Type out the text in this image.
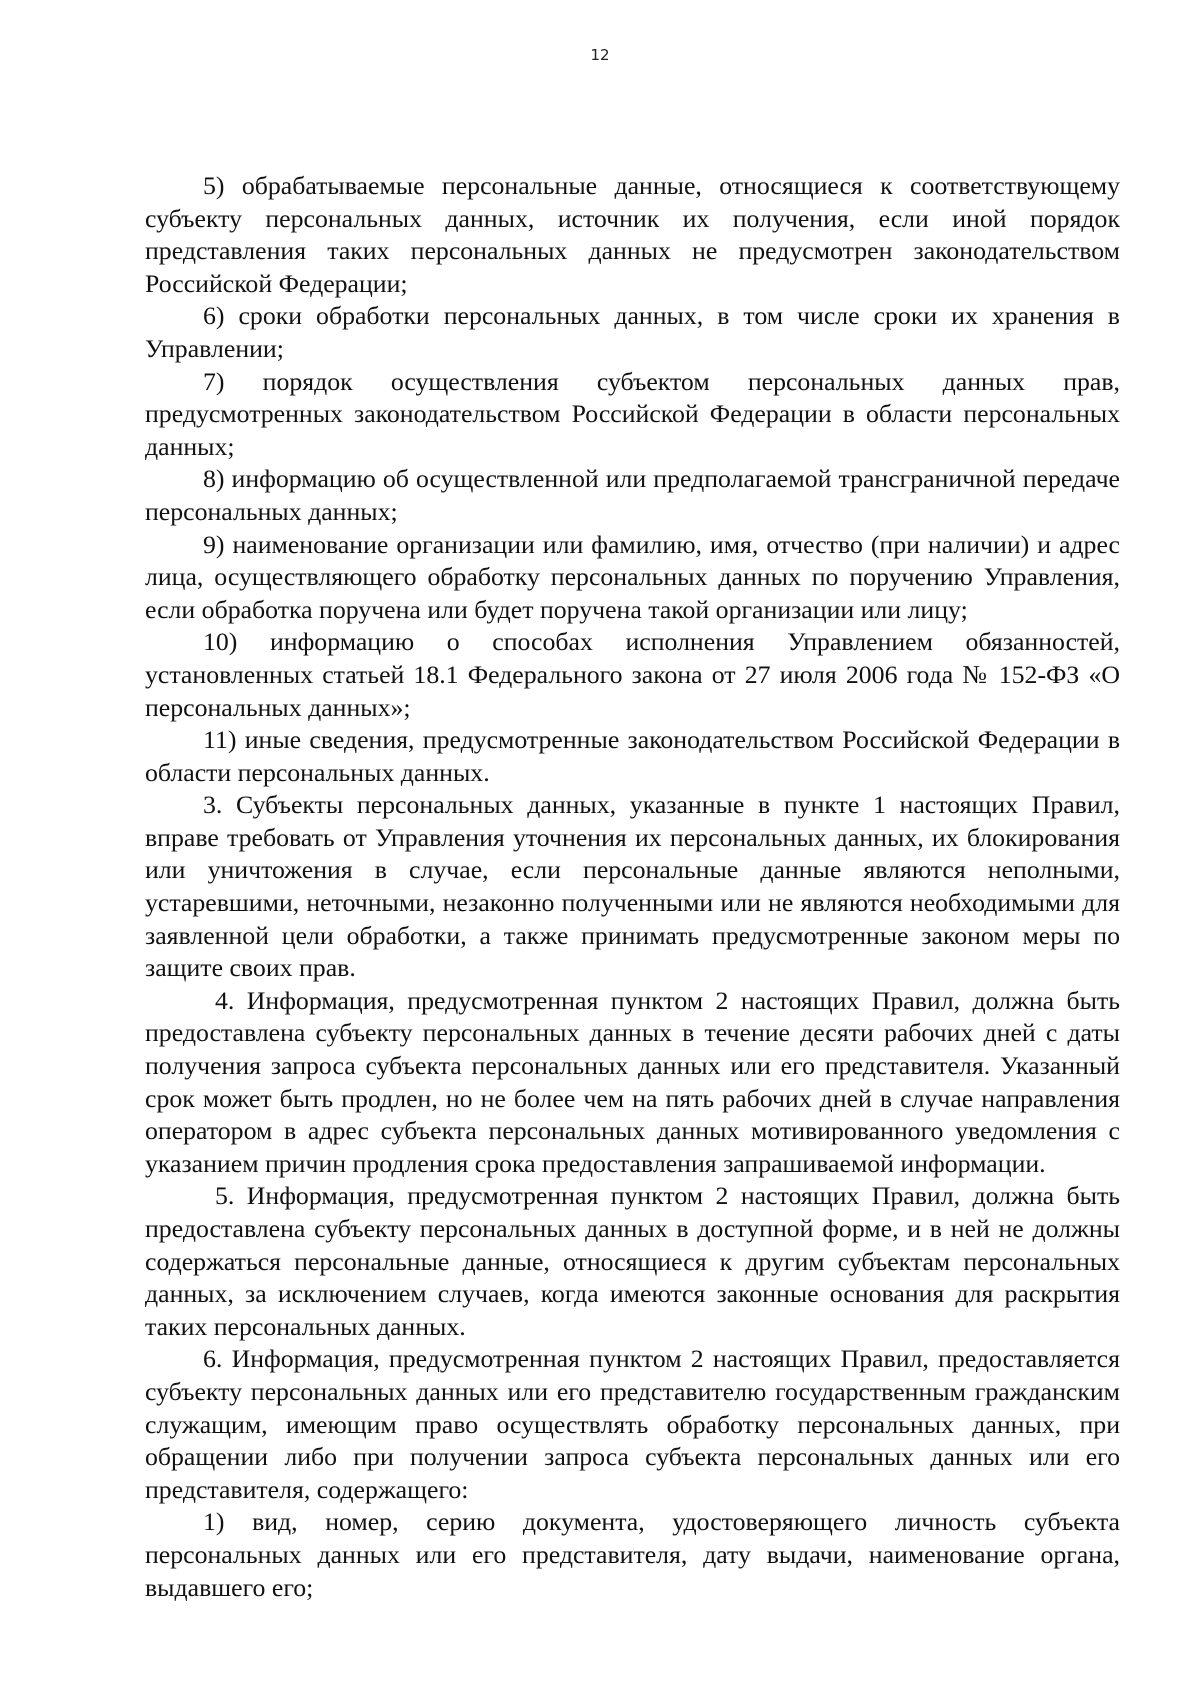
12

5) обрабатываемые персональные данные, относящиеся к соответствующему субъекту персональных данных, источник их получения, если иной порядок представления таких персональных данных не предусмотрен законодательством Российской Федерации;

6) сроки обработки персональных данных, в том числе сроки их хранения в Управлении;

7) порядок осуществления субъектом персональных данных прав, предусмотренных законодательством Российской Федерации в области персональных данных;

8) информацию об осуществленной или предполагаемой трансграничной передаче персональных данных;

9) наименование организации или фамилию, имя, отчество (при наличии) и адрес лица, осуществляющего обработку персональных данных по поручению Управления, если обработка поручена или будет поручена такой организации или лицу;

10) информацию о способах исполнения Управлением обязанностей, установленных статьей 18.1 Федерального закона от 27 июля 2006 года № 152-ФЗ «О персональных данных»;

11) иные сведения, предусмотренные законодательством Российской Федерации в области персональных данных.

3. Субъекты персональных данных, указанные в пункте 1 настоящих Правил, вправе требовать от Управления уточнения их персональных данных, их блокирования или уничтожения в случае, если персональные данные являются неполными, устаревшими, неточными, незаконно полученными или не являются необходимыми для заявленной цели обработки, а также принимать предусмотренные законом меры по защите своих прав.

4. Информация, предусмотренная пунктом 2 настоящих Правил, должна быть предоставлена субъекту персональных данных в течение десяти рабочих дней с даты получения запроса субъекта персональных данных или его представителя. Указанный срок может быть продлен, но не более чем на пять рабочих дней в случае направления оператором в адрес субъекта персональных данных мотивированного уведомления с указанием причин продления срока предоставления запрашиваемой информации.

5. Информация, предусмотренная пунктом 2 настоящих Правил, должна быть предоставлена субъекту персональных данных в доступной форме, и в ней не должны содержаться персональные данные, относящиеся к другим субъектам персональных данных, за исключением случаев, когда имеются законные основания для раскрытия таких персональных данных.

6. Информация, предусмотренная пунктом 2 настоящих Правил, предоставляется субъекту персональных данных или его представителю государственным гражданским служащим, имеющим право осуществлять обработку персональных данных, при обращении либо при получении запроса субъекта персональных данных или его представителя, содержащего:

1) вид, номер, серию документа, удостоверяющего личность субъекта персональных данных или его представителя, дату выдачи, наименование органа, выдавшего его;
